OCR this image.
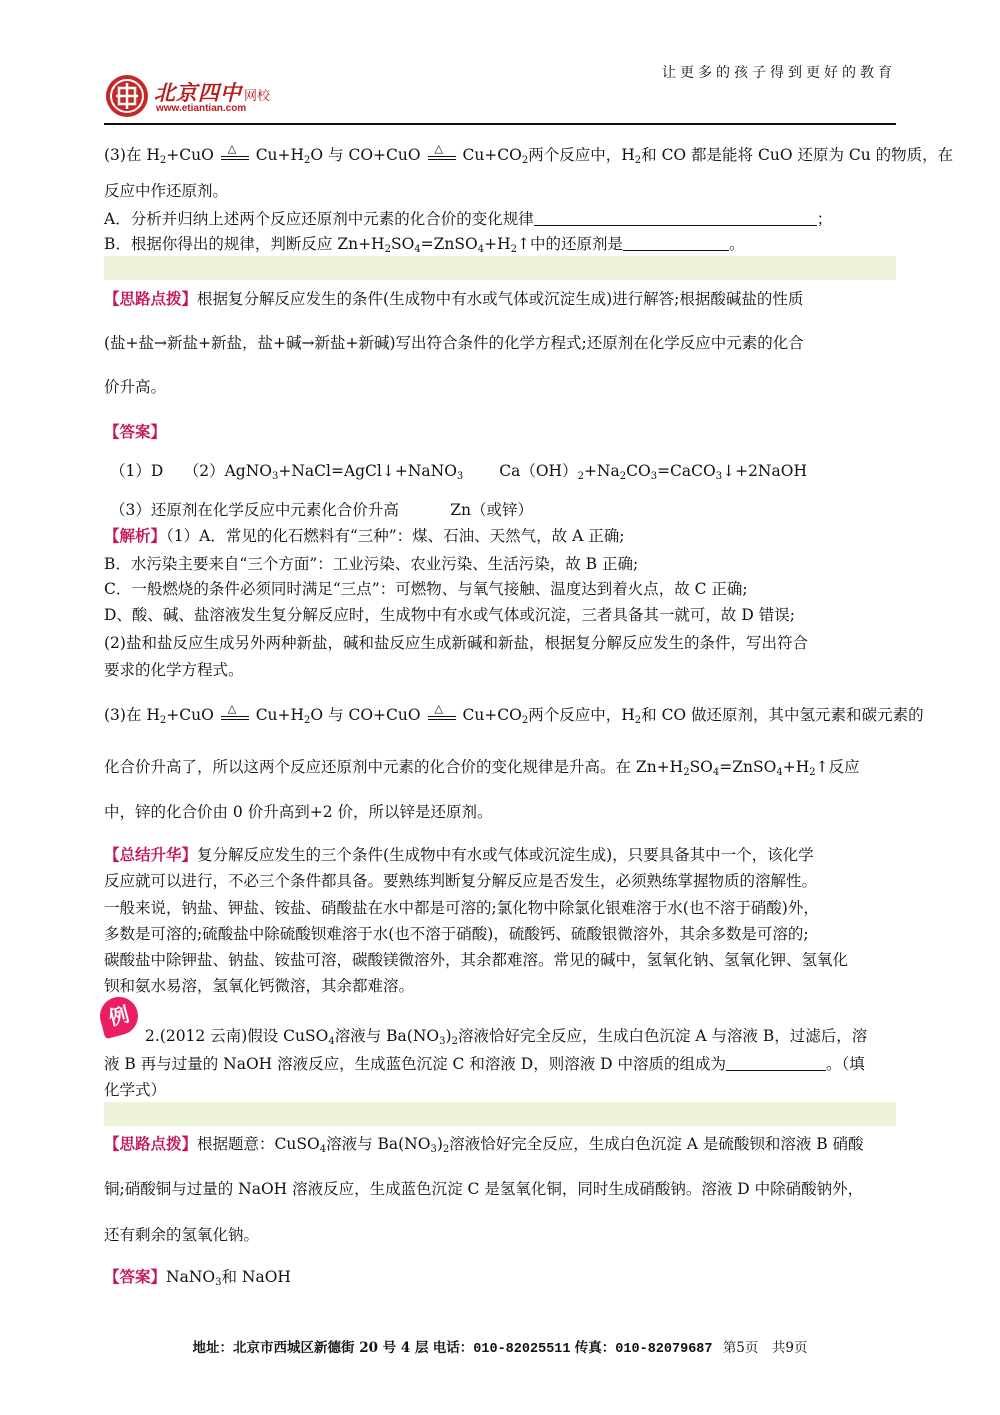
北京四中 网校
www.etiantian.com
让更多的孩子得到更好的教育
(3)在 $H_2+CuO$ △ $Cu+H_2O$ 与 CO+CuO △ $Cu+CO_2$两个反应中，$H_2$和 CO 都是能将 CuO 还原为 Cu 的物质，在
反应中作还原剂。
A．分析并归纳上述两个反应还原剂中元素的化合价的变化规律	；
B．根据你得出的规律，判断反应 $Zn+H_2SO_4=ZnSO_4+H_2↑$中的还原剂是	。
【思路点拨】根据复分解反应发生的条件(生成物中有水或气体或沉淀生成)进行解答;根据酸碱盐的性质
(盐+盐→新盐+新盐，盐+碱→新盐+新碱)写出符合条件的化学方程式;还原剂在化学反应中元素的化合
价升高。
【答案】
（1）D　 （2）AgNO$_3$+NaCl=AgCl↓+NaNO$_3$　　 $Ca(OH)_2+Na_2CO_3=CaCO_3↓+2NaOH$
（3）还原剂在化学反应中元素化合价升高　　　 Zn（或锌）
【解析】（1）A．常见的化石燃料有“三种”：煤、石油、天然气，故 A 正确;
B．水污染主要来自“三个方面”：工业污染、农业污染、生活污染，故 B 正确;
C．一般燃烧的条件必须同时满足“三点”：可燃物、与氧气接触、温度达到着火点，故 C 正确;
D、酸、碱、盐溶液发生复分解反应时，生成物中有水或气体或沉淀，三者具备其一就可，故 D 错误;
(2)盐和盐反应生成另外两种新盐，碱和盐反应生成新碱和新盐，根据复分解反应发生的条件，写出符合
要求的化学方程式。
(3)在 $H_2+CuO$ △ $Cu+H_2O$ 与 CO+CuO △ $Cu+CO_2$两个反应中，$H_2$和 CO 做还原剂，其中氢元素和碳元素的
化合价升高了，所以这两个反应还原剂中元素的化合价的变化规律是升高。在 $Zn+H_2SO_4=ZnSO_4+H_2↑$反应
中，锌的化合价由 0 价升高到+2 价，所以锌是还原剂。
【总结升华】复分解反应发生的三个条件(生成物中有水或气体或沉淀生成)，只要具备其中一个，该化学
反应就可以进行，不必三个条件都具备。要熟练判断复分解反应是否发生，必须熟练掌握物质的溶解性。
一般来说，钠盐、钾盐、铵盐、硝酸盐在水中都是可溶的;氯化物中除氯化银难溶于水(也不溶于硝酸)外，
多数是可溶的;硫酸盐中除硫酸钡难溶于水(也不溶于硝酸)，硫酸钙、硫酸银微溶外，其余多数是可溶的;
碳酸盐中除钾盐、钠盐、铵盐可溶，碳酸镁微溶外，其余都难溶。常见的碱中，氢氧化钠、氢氧化钾、氢氧化
钡和氨水易溶，氢氧化钙微溶，其余都难溶。
例
2.(2012 云南)假设 CuSO$_4$溶液与 $Ba(NO_3)_2$溶液恰好完全反应，生成白色沉淀 A 与溶液 B，过滤后，溶
液 B 再与过量的 NaOH 溶液反应，生成蓝色沉淀 C 和溶液 D，则溶液 D 中溶质的组成为	。（填
化学式）
【思路点拨】根据题意：CuSO$_4$溶液与 $Ba(NO_3)_2$溶液恰好完全反应，生成白色沉淀 A 是硫酸钡和溶液 B 硝酸
铜;硝酸铜与过量的 NaOH 溶液反应，生成蓝色沉淀 C 是氢氧化铜，同时生成硝酸钠。溶液 D 中除硝酸钠外，
还有剩余的氢氧化钠。
【答案】NaNO$_3$和 NaOH
地址：北京市西城区新德街 20 号 4 层 电话：010-82025511 传真：010-82079687 第5页　共9页
